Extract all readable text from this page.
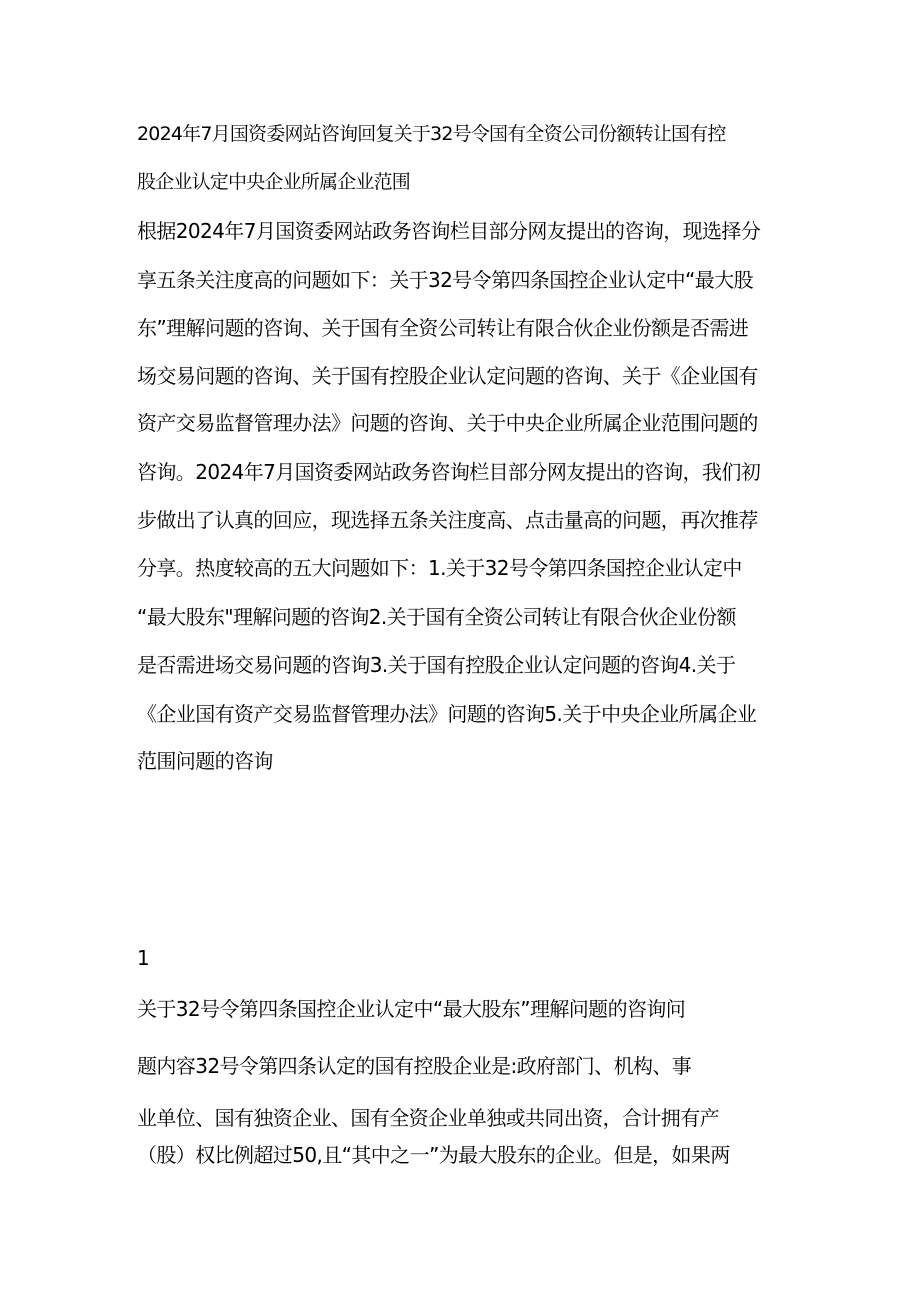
2024年7月国资委网站咨询回复关于32号令国有全资公司份额转让国有控
股企业认定中央企业所属企业范围
根据2024年7月国资委网站政务咨询栏目部分网友提出的咨询，现选择分
享五条关注度高的问题如下：关于32号令第四条国控企业认定中“最大股
东”理解问题的咨询、关于国有全资公司转让有限合伙企业份额是否需进
场交易问题的咨询、关于国有控股企业认定问题的咨询、关于《企业国有
资产交易监督管理办法》问题的咨询、关于中央企业所属企业范围问题的
咨询。2024年7月国资委网站政务咨询栏目部分网友提出的咨询，我们初
步做出了认真的回应，现选择五条关注度高、点击量高的问题，再次推荐
分享。热度较高的五大问题如下：1.关于32号令第四条国控企业认定中
“最大股东"理解问题的咨询2.关于国有全资公司转让有限合伙企业份额
是否需进场交易问题的咨询3.关于国有控股企业认定问题的咨询4.关于
《企业国有资产交易监督管理办法》问题的咨询5.关于中央企业所属企业
范围问题的咨询
1
关于32号令第四条国控企业认定中“最大股东”理解问题的咨询问
题内容32号令第四条认定的国有控股企业是:政府部门、机构、事
业单位、国有独资企业、国有全资企业单独或共同出资，合计拥有产
（股）权比例超过50,且“其中之一”为最大股东的企业。但是，如果两
